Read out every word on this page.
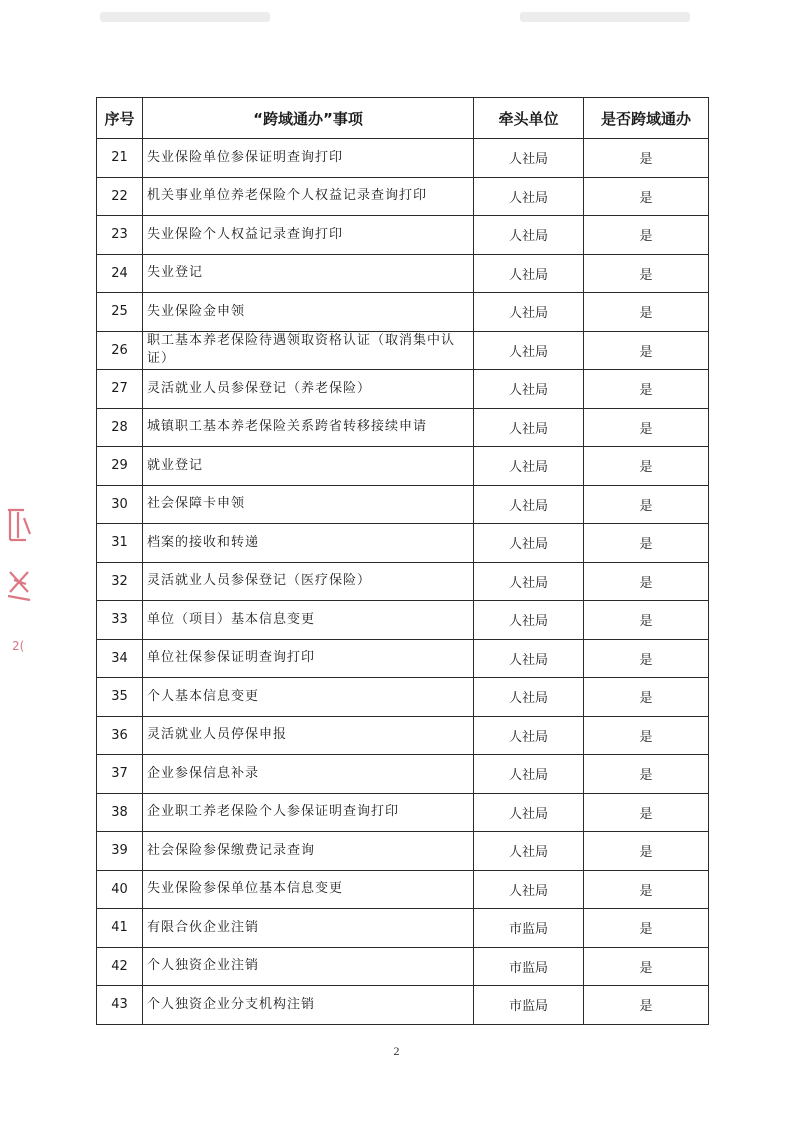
序号	“跨域通办”事项	牵头单位	是否跨域通办
21	失业保险单位参保证明查询打印	人社局	是
22	机关事业单位养老保险个人权益记录查询打印	人社局	是
23	失业保险个人权益记录查询打印	人社局	是
24	失业登记	人社局	是
25	失业保险金申领	人社局	是
26	职工基本养老保险待遇领取资格认证（取消集中认证）	人社局	是
27	灵活就业人员参保登记（养老保险）	人社局	是
28	城镇职工基本养老保险关系跨省转移接续申请	人社局	是
29	就业登记	人社局	是
30	社会保障卡申领	人社局	是
31	档案的接收和转递	人社局	是
32	灵活就业人员参保登记（医疗保险）	人社局	是
33	单位（项目）基本信息变更	人社局	是
34	单位社保参保证明查询打印	人社局	是
35	个人基本信息变更	人社局	是
36	灵活就业人员停保申报	人社局	是
37	企业参保信息补录	人社局	是
38	企业职工养老保险个人参保证明查询打印	人社局	是
39	社会保险参保缴费记录查询	人社局	是
40	失业保险参保单位基本信息变更	人社局	是
41	有限合伙企业注销	市监局	是
42	个人独资企业注销	市监局	是
43	个人独资企业分支机构注销	市监局	是
2
2(
